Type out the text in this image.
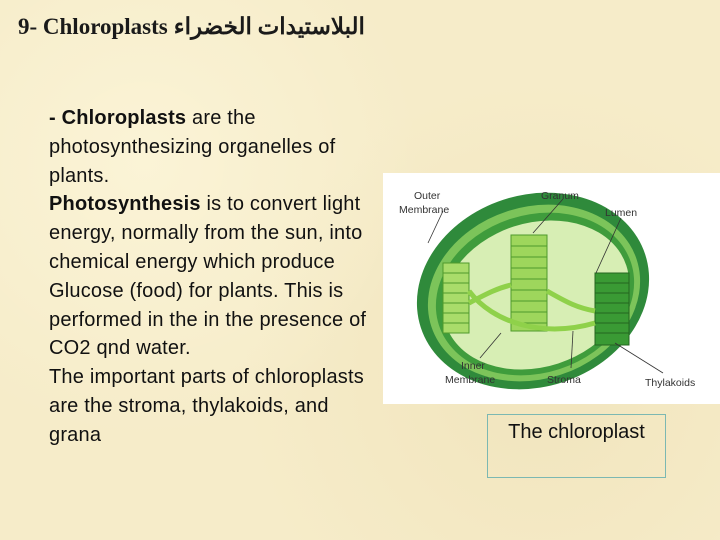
9- Chloroplasts البلاستيدات الخضراء

- Chloroplasts are the photosynthesizing organelles of plants.

Photosynthesis is to convert light energy, normally from the sun, into chemical energy which produce Glucose (food) for plants. This is performed in the in the presence of CO2 qnd water.

The important parts of chloroplasts are the stroma, thylakoids, and grana

Outer
Membrane
Granum
Lumen
Inner
Membrane	Stroma	Thylakoids
The chloroplast
